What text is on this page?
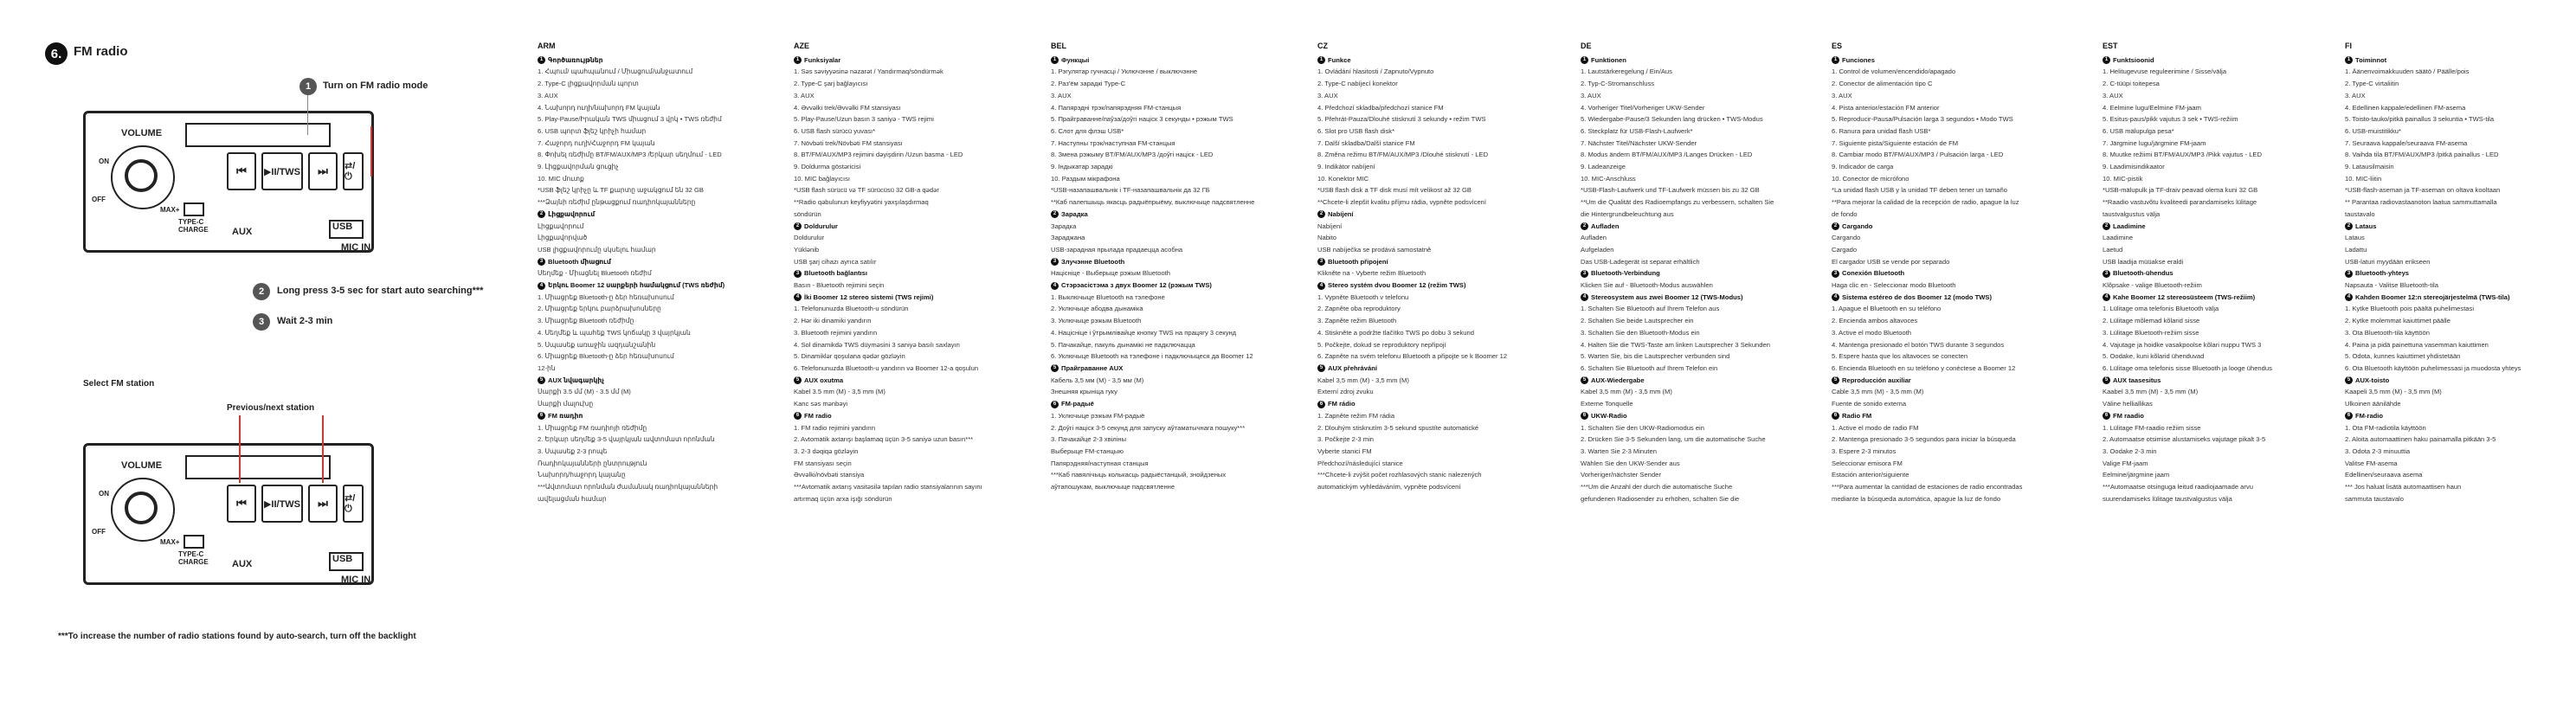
6. FM radio
VOLUME
ON
OFF
MAX+
⏮	▶II/TWS	⏭	⇄/⏻
TYPE-C
CHARGE AUX	USB
MIC IN
1	Turn on FM radio mode
2	Long press 3-5 sec for start auto searching***
3	Wait 2-3 min
Select FM station
Previous/next station
VOLUME
ON
OFF
MAX+
⏮	▶II/TWS	⏭	⇄/⏻
TYPE-C
CHARGE AUX	USB
MIC IN
***To increase the number of radio stations found by auto-search, turn off the backlight
ARM
1 Գործառույթներ
1. Հպում/ պահպանում / Միացում/անջատում
2. Type-C լիցքավորման պորտ
3. AUX
4. Նախորդ ուղի/նախորդ FM կայան
5. Play-Pause/Իրական TWS միացում 3 վրկ • TWS ռեժիմ
6. USB պորտ ֆլեշ կրիչի համար
7. Հաջորդ ուղի/Հաջորդ FM կայան
8. Փոխել ռեժիմը BT/FM/AUX/MP3 /Երկար սեղմում - LED
9. Լիցքավորման ցուցիչ
10. MIC մուտք
*USB ֆլեշ կրիչը և TF քարտը աջակցում են 32 GB
***Ձայնի ռեժիմ ընթացքում ռադիոկայանները
2 Լիցքավորում
Լիցքավորում
Լիցքավորված
USB լիցքավորումը սկսելու համար
3 Bluetooth միացում
Սեղմեք - Միացնել Bluetooth ռեժիմ
4 Երկու Boomer 12 սարքերի համակցում (TWS ռեժիմ)
1. Միացրեք Bluetooth-ը ձեր հեռախոսում
2. Միացրեք երկու բարձրախոսները
3. Միացրեք Bluetooth ռեժիմը
4. Սեղմեք և պահեք TWS կոճակը 3 վայրկյան
5. Սպասեք առաջին ազդանշանին
6. Միացրեք Bluetooth-ը ձեր հեռախոսում
12-ին
5 AUX նվագարկիչ
Սարքի 3.5 մմ (M) - 3.5 մմ (M)
Սարքի մալուխը
6 FM ռադիո
1. Միացրեք FM ռադիոյի ռեժիմը
2. Երկար սեղմեք 3-5 վայրկյան ավտոմատ որոնման
3. Սպասեք 2-3 րոպե
Ռադիոկայանների ընտրություն
Նախորդ/հաջորդ կայանը
***Ավտոմատ որոնման ժամանակ ռադիոկայանների
ավելացման համար
AZE
1 Funksiyalar
1. Səs səviyyəsinə nəzarət / Yandırmaq/söndürmək
2. Type-C şarj bağlayıcısı
3. AUX
4. Əvvəlki trek/Əvvəlki FM stansiyası
5. Play-Pause/Uzun basın 3 saniyə - TWS rejimi
6. USB flash sürücü yuvası*
7. Növbəti trek/Növbəti FM stansiyası
8. BT/FM/AUX/MP3 rejimini dəyişdirin /Uzun basma - LED
9. Doldurma göstəricisi
10. MIC bağlayıcısı
*USB flash sürücü və TF sürücüsü 32 GB-a qədər
**Radio qəbulunun keyfiyyətini yaxşılaşdırmaq
söndürün
2 Doldurulur
Doldurulur
Yüklənib
USB şarj cihazı ayrıca satılır
3 Bluetooth bağlantısı
Basın - Bluetooth rejimini seçin
4 İki Boomer 12 stereo sistemi (TWS rejimi)
1. Telefonunuzda Bluetooth-u söndürün
2. Hər iki dinamiki yandırın
3. Bluetooth rejimini yandırın
4. Sol dinamikdə TWS düyməsini 3 saniyə basılı saxlayın
5. Dinamiklər qoşulana qədər gözləyin
6. Telefonunuzda Bluetooth-u yandırın və Boomer 12-a qoşulun
5 AUX oxutma
Kabel 3.5 mm (M) - 3,5 mm (M)
Kanc səs mənbəyi
6 FM radio
1. FM radio rejimini yandırın
2. Avtomatik axtarışı başlamaq üçün 3-5 saniyə uzun basın***
3. 2-3 dəqiqə gözləyin
FM stansiyası seçin
Əvvəlki/növbəti stansiya
***Avtomatik axtarış vasitəsilə tapılan radio stansiyalarının sayını
artırmaq üçün arxa işığı söndürün
BEL
1 Функцыі
1. Рэгулятар гучнасці / Уключэнне / выключэнне
2. Раз'ём зарадкі Type-C
3. AUX
4. Папярэдні трэк/папярэдняя FM-станцыя
5. Прайграванне/паўза/доўгі націск 3 секунды • рэжым TWS
6. Слот для флэш USB*
7. Наступны трэк/наступная FM-станцыя
8. Змена рэжыму BT/FM/AUX/MP3 /доўгі націск - LED
9. Індыкатар зарадкі
10. Раздым мікрафона
*USB-назапашвальнік і TF-назапашвальнік да 32 ГБ
**Каб палепшыць якасць радыёпрыёму, выключыце падсвятленне
2 Зарадка
Зарадка
Зараджана
USB-зарадная прылада прадаецца асобна
3 Злучэнне Bluetooth
Націсніце - Выберыце рэжым Bluetooth
4 Стэрэасістэма з двух Boomer 12 (рэжым TWS)
1. Выключыце Bluetooth на тэлефоне
2. Уключыце абодва дынаміка
3. Уключыце рэжым Bluetooth
4. Націсніце і ўтрымлівайце кнопку TWS на працягу 3 секунд
5. Пачакайце, пакуль дынамікі не падключацца
6. Уключыце Bluetooth на тэлефоне і падключыцеся да Boomer 12
5 Прайграванне AUX
Кабель 3,5 мм (M) - 3,5 мм (M)
Знешняя крыніца гуку
6 FM-радыё
1. Уключыце рэжым FM-радыё
2. Доўгі націск 3-5 секунд для запуску аўтаматычнага пошуку***
3. Пачакайце 2-3 хвіліны
Выберыце FM-станцыю
Папярэдняя/наступная станцыя
***Каб павялічыць колькасць радыёстанцый, знойдзеных
аўтапошукам, выключыце падсвятленне
CZ
1 Funkce
1. Ovládání hlasitosti / Zapnuto/Vypnuto
2. Type-C nabíjecí konektor
3. AUX
4. Předchozí skladba/předchozí stanice FM
5. Přehrát-Pauza/Dlouhé stisknutí 3 sekundy • režim TWS
6. Slot pro USB flash disk*
7. Další skladba/Další stanice FM
8. Změna režimu BT/FM/AUX/MP3 /Dlouhé stisknutí - LED
9. Indikátor nabíjení
10. Konektor MIC
*USB flash disk a TF disk musí mít velikost až 32 GB
**Chcete-li zlepšit kvalitu příjmu rádia, vypněte podsvícení
2 Nabíjení
Nabíjení
Nabito
USB nabíječka se prodává samostatně
3 Bluetooth připojení
Klikněte na - Vyberte režim Bluetooth
4 Stereo systém dvou Boomer 12 (režim TWS)
1. Vypněte Bluetooth v telefonu
2. Zapněte oba reproduktory
3. Zapněte režim Bluetooth
4. Stiskněte a podržte tlačítko TWS po dobu 3 sekund
5. Počkejte, dokud se reproduktory nepřipojí
6. Zapněte na svém telefonu Bluetooth a připojte se k Boomer 12
5 AUX přehrávání
Kabel 3,5 mm (M) - 3,5 mm (M)
Externí zdroj zvuku
6 FM rádio
1. Zapněte režim FM rádia
2. Dlouhým stisknutím 3-5 sekund spustíte automatické
3. Počkejte 2-3 min
Vyberte stanici FM
Předchozí/následující stanice
***Chcete-li zvýšit počet rozhlasových stanic nalezených
automatickým vyhledáváním, vypněte podsvícení
DE
1 Funktionen
1. Lautstärkeregelung / Ein/Aus
2. Typ-C-Stromanschluss
3. AUX
4. Vorheriger Titel/Vorheriger UKW-Sender
5. Wiedergabe-Pause/3 Sekunden lang drücken • TWS-Modus
6. Steckplatz für USB-Flash-Laufwerk*
7. Nächster Titel/Nächster UKW-Sender
8. Modus ändern BT/FM/AUX/MP3 /Langes Drücken - LED
9. Ladeanzeige
10. MIC-Anschluss
*USB-Flash-Laufwerk und TF-Laufwerk müssen bis zu 32 GB
**Um die Qualität des Radioempfangs zu verbessern, schalten Sie
die Hintergrundbeleuchtung aus
2 Aufladen
Aufladen
Aufgeladen
Das USB-Ladegerät ist separat erhältlich
3 Bluetooth-Verbindung
Klicken Sie auf - Bluetooth-Modus auswählen
4 Stereosystem aus zwei Boomer 12 (TWS-Modus)
1. Schalten Sie Bluetooth auf Ihrem Telefon aus
2. Schalten Sie beide Lautsprecher ein
3. Schalten Sie den Bluetooth-Modus ein
4. Halten Sie die TWS-Taste am linken Lautsprecher 3 Sekunden
5. Warten Sie, bis die Lautsprecher verbunden sind
6. Schalten Sie Bluetooth auf Ihrem Telefon ein
5 AUX-Wiedergabe
Kabel 3,5 mm (M) - 3,5 mm (M)
Externe Tonquelle
6 UKW-Radio
1. Schalten Sie den UKW-Radiomodus ein
2. Drücken Sie 3-5 Sekunden lang, um die automatische Suche
3. Warten Sie 2-3 Minuten
Wählen Sie den UKW-Sender aus
Vorheriger/nächster Sender
***Um die Anzahl der durch die automatische Suche
gefundenen Radiosender zu erhöhen, schalten Sie die
ES
1 Funciones
1. Control de volumen/encendido/apagado
2. Conector de alimentación tipo C
3. AUX
4. Pista anterior/estación FM anterior
5. Reproducir-Pausa/Pulsación larga 3 segundos • Modo TWS
6. Ranura para unidad flash USB*
7. Siguiente pista/Siguiente estación de FM
8. Cambiar modo BT/FM/AUX/MP3 / Pulsación larga - LED
9. Indicador de carga
10. Conector de micrófono
*La unidad flash USB y la unidad TF deben tener un tamaño
**Para mejorar la calidad de la recepción de radio, apague la luz
de fondo
2 Cargando
Cargando
Cargado
El cargador USB se vende por separado
3 Conexión Bluetooth
Haga clic en - Seleccionar modo Bluetooth
4 Sistema estéreo de dos Boomer 12 (modo TWS)
1. Apague el Bluetooth en su teléfono
2. Encienda ambos altavoces
3. Active el modo Bluetooth
4. Mantenga presionado el botón TWS durante 3 segundos
5. Espere hasta que los altavoces se conecten
6. Encienda Bluetooth en su teléfono y conéctese a Boomer 12
5 Reproducción auxiliar
Cable 3,5 mm (M) - 3,5 mm (M)
Fuente de sonido externa
6 Radio FM
1. Active el modo de radio FM
2. Mantenga presionado 3-5 segundos para iniciar la búsqueda
3. Espere 2-3 minutos
Seleccionar emisora FM
Estación anterior/siguiente
***Para aumentar la cantidad de estaciones de radio encontradas
mediante la búsqueda automática, apague la luz de fondo
EST
1 Funktsioonid
1. Helitugevuse reguleerimine / Sisse/välja
2. C-tüüpi toitepesa
3. AUX
4. Eelmine lugu/Eelmine FM-jaam
5. Esitus-paus/pikk vajutus 3 sek • TWS-režiim
6. USB mälupulga pesa*
7. Järgmine lugu/järgmine FM-jaam
8. Muutke režiimi BT/FM/AUX/MP3 /Pikk vajutus - LED
9. Laadimisindikaator
10. MIC-pistik
*USB-mälupulk ja TF-draiv peavad olema kuni 32 GB
**Raadio vastuvõtu kvaliteedi parandamiseks lülitage
taustvalgustus välja
2 Laadimine
Laadimine
Laetud
USB laadija müüakse eraldi
3 Bluetooth-ühendus
Klõpsake - valige Bluetooth-režiim
4 Kahe Boomer 12 stereosüsteem (TWS-režiim)
1. Lülitage oma telefonis Bluetooth välja
2. Lülitage mõlemad kõlarid sisse
3. Lülitage Bluetooth-režiim sisse
4. Vajutage ja hoidke vasakpoolse kõlari nuppu TWS 3
5. Oodake, kuni kõlarid ühenduvad
6. Lülitage oma telefonis sisse Bluetooth ja looge ühendus
5 AUX taasesitus
Kaabel 3,5 mm (M) - 3,5 mm (M)
Väline helliallikas
6 FM raadio
1. Lülitage FM-raadio režiim sisse
2. Automaatse otsimise alustamiseks vajutage pikalt 3-5
3. Oodake 2-3 min
Valige FM-jaam
Eelmine/järgmine jaam
***Automaatse otsinguga leitud raadiojaamade arvu
suurendamiseks lülitage taustvalgustus välja
FI
1 Toiminnot
1. Äänenvoimakkuuden säätö / Päälle/pois
2. Type-C virtaliitin
3. AUX
4. Edellinen kappale/edellinen FM-asema
5. Toisto-tauko/pitkä painallus 3 sekuntia • TWS-tila
6. USB-muistitikku*
7. Seuraava kappale/seuraava FM-asema
8. Vaihda tila BT/FM/AUX/MP3 /pitkä painallus - LED
9. Latausilmaisin
10. MIC-liitin
*USB-flash-aseman ja TF-aseman on oltava kooltaan
** Parantaa radiovastaanoton laatua sammuttamalla
taustavalo
2 Lataus
Lataus
Ladattu
USB-laturi myydään erikseen
3 Bluetooth-yhteys
Napsauta - Valitse Bluetooth-tila
4 Kahden Boomer 12:n stereojärjestelmä (TWS-tila)
1. Kytke Bluetooth pois päältä puhelimestasi
2. Kytke molemmat kaiuttimet päälle
3. Ota Bluetooth-tila käyttöön
4. Paina ja pidä painettuna vasemman kaiuttimen
5. Odota, kunnes kaiuttimet yhdistetään
6. Ota Bluetooth käyttöön puhelimessasi ja muodosta yhteys
5 AUX-toisto
Kaapeli 3,5 mm (M) - 3,5 mm (M)
Ulkoinen äänilähde
6 FM-radio
1. Ota FM-radiotila käyttöön
2. Aloita automaattinen haku painamalla pitkään 3-5
3. Odota 2-3 minuuttia
Valitse FM-asema
Edellinen/seuraava asema
*** Jos haluat lisätä automaattisen haun
sammuta taustavalo
